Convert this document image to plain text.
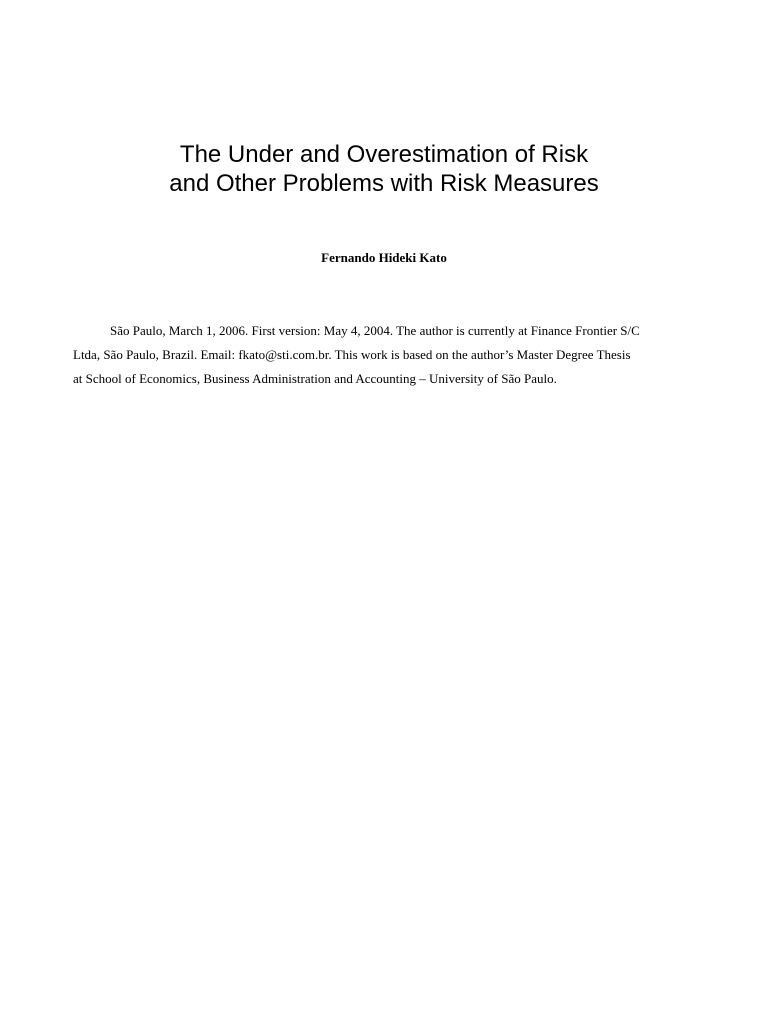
The Under and Overestimation of Risk
and Other Problems with Risk Measures
Fernando Hideki Kato
São Paulo, March 1, 2006. First version: May 4, 2004. The author is currently at Finance Frontier S/C
Ltda, São Paulo, Brazil. Email: fkato@sti.com.br. This work is based on the author’s Master Degree Thesis
at School of Economics, Business Administration and Accounting – University of São Paulo.
